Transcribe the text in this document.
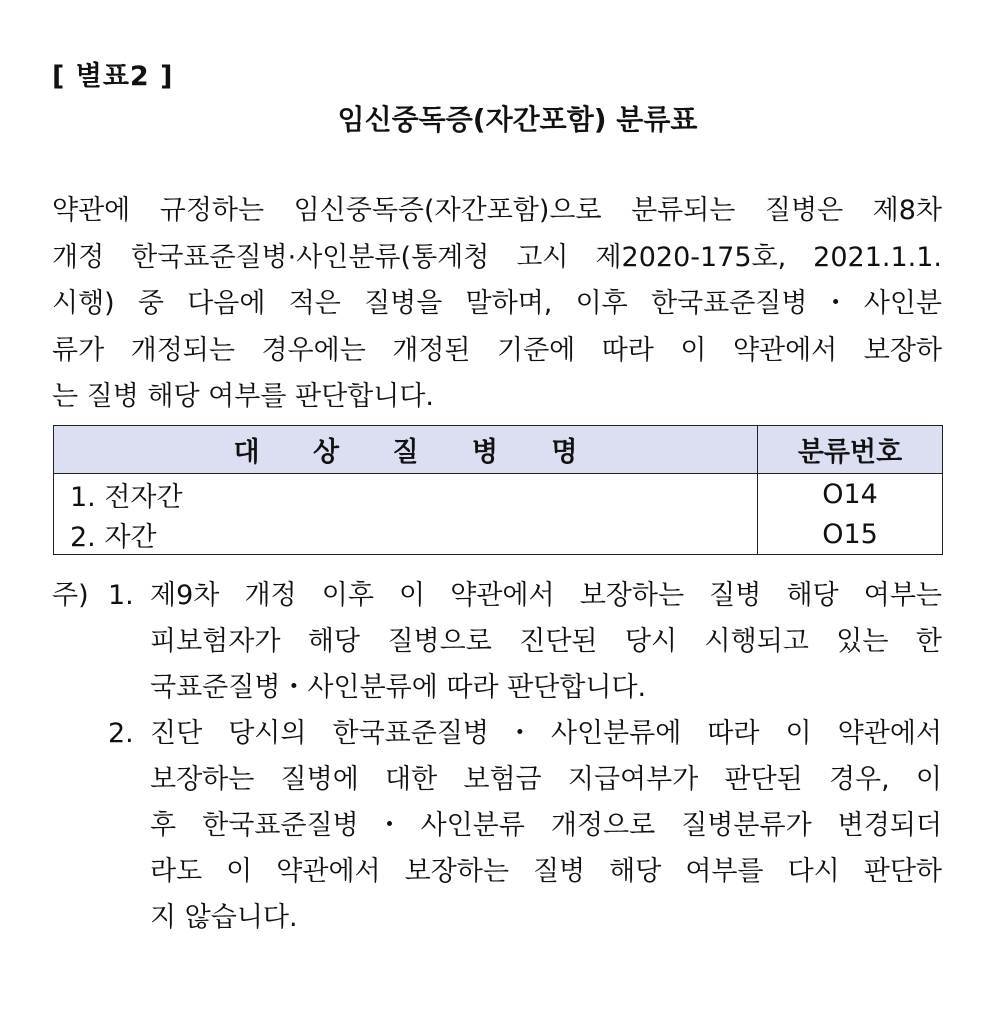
[ 별표2 ]
임신중독증(자간포함) 분류표
약관에 규정하는 임신중독증(자간포함)으로 분류되는 질병은 제8차
개정 한국표준질병·사인분류(통계청 고시 제2020-175호, 2021.1.1.
시행) 중 다음에 적은 질병을 말하며, 이후 한국표준질병・사인분
류가 개정되는 경우에는 개정된 기준에 따라 이 약관에서 보장하
는 질병 해당 여부를 판단합니다.
대 상 질 병 명	분류번호
1. 전자간	O14
2. 자간	O15
주) 1. 제9차 개정 이후 이 약관에서 보장하는 질병 해당 여부는
피보험자가 해당 질병으로 진단된 당시 시행되고 있는 한
국표준질병・사인분류에 따라 판단합니다.
2. 진단 당시의 한국표준질병・사인분류에 따라 이 약관에서
보장하는 질병에 대한 보험금 지급여부가 판단된 경우, 이
후 한국표준질병・사인분류 개정으로 질병분류가 변경되더
라도 이 약관에서 보장하는 질병 해당 여부를 다시 판단하
지 않습니다.
